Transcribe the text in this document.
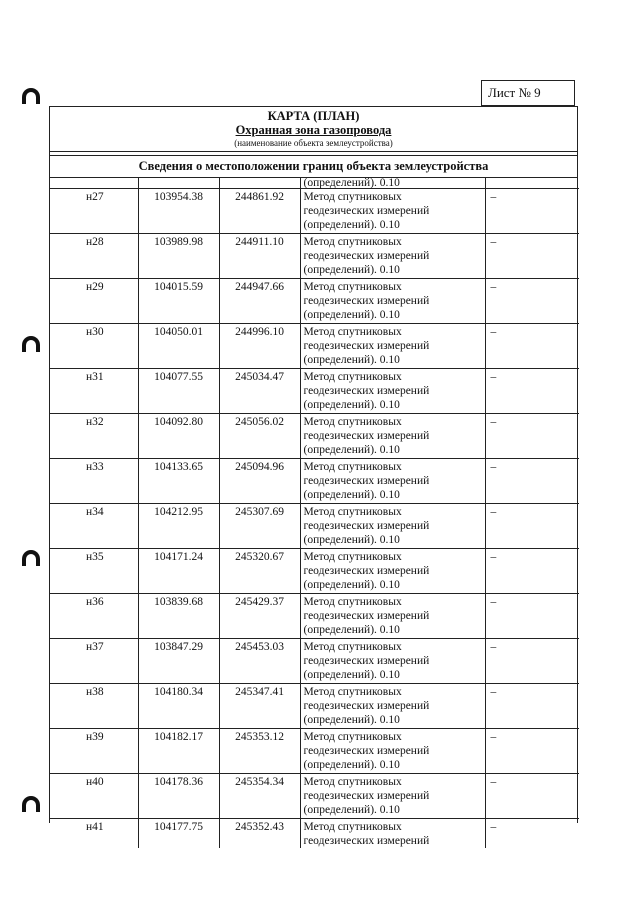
Лист № 9
КАРТА (ПЛАН)
Охранная зона газопровода
(наименование объекта землеустройства)
Сведения о местоположении границ объекта землеустройства
			(определений). 0.10	
н27	103954.38	244861.92	Метод спутниковых
геодезических измерений
(определений). 0.10	–
н28	103989.98	244911.10	Метод спутниковых
геодезических измерений
(определений). 0.10	–
н29	104015.59	244947.66	Метод спутниковых
геодезических измерений
(определений). 0.10	–
н30	104050.01	244996.10	Метод спутниковых
геодезических измерений
(определений). 0.10	–
н31	104077.55	245034.47	Метод спутниковых
геодезических измерений
(определений). 0.10	–
н32	104092.80	245056.02	Метод спутниковых
геодезических измерений
(определений). 0.10	–
н33	104133.65	245094.96	Метод спутниковых
геодезических измерений
(определений). 0.10	–
н34	104212.95	245307.69	Метод спутниковых
геодезических измерений
(определений). 0.10	–
н35	104171.24	245320.67	Метод спутниковых
геодезических измерений
(определений). 0.10	–
н36	103839.68	245429.37	Метод спутниковых
геодезических измерений
(определений). 0.10	–
н37	103847.29	245453.03	Метод спутниковых
геодезических измерений
(определений). 0.10	–
н38	104180.34	245347.41	Метод спутниковых
геодезических измерений
(определений). 0.10	–
н39	104182.17	245353.12	Метод спутниковых
геодезических измерений
(определений). 0.10	–
н40	104178.36	245354.34	Метод спутниковых
геодезических измерений
(определений). 0.10	–
н41	104177.75	245352.43	Метод спутниковых
геодезических измерений	–
